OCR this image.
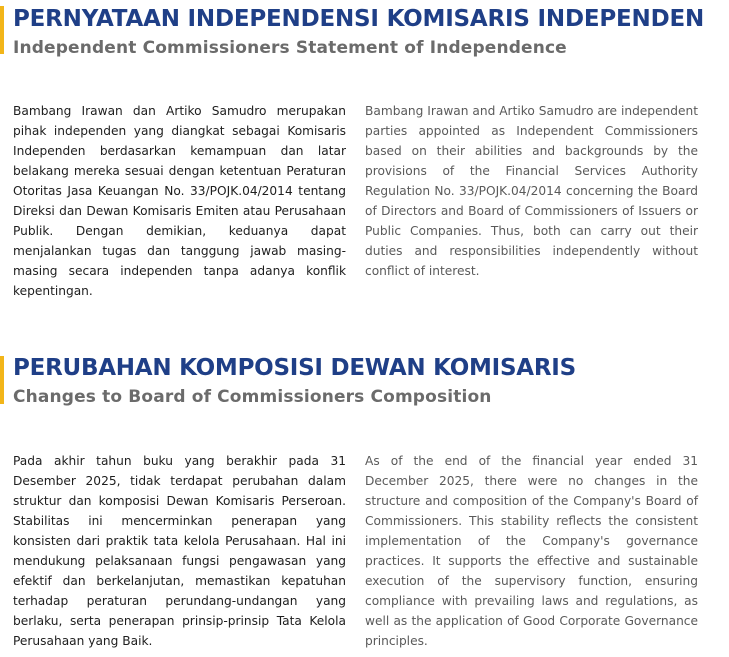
PERNYATAAN INDEPENDENSI KOMISARIS INDEPENDEN
Independent Commissioners Statement of Independence

Bambang Irawan dan Artiko Samudro merupakan pihak independen yang diangkat sebagai Komisaris Independen berdasarkan kemampuan dan latar belakang mereka sesuai dengan ketentuan Peraturan Otoritas Jasa Keuangan No. 33/POJK.04/2014 tentang Direksi dan Dewan Komisaris Emiten atau Perusahaan Publik. Dengan demikian, keduanya dapat menjalankan tugas dan tanggung jawab masing-masing secara independen tanpa adanya konflik kepentingan.

Bambang Irawan and Artiko Samudro are independent parties appointed as Independent Commissioners based on their abilities and backgrounds by the provisions of the Financial Services Authority Regulation No. 33/POJK.04/2014 concerning the Board of Directors and Board of Commissioners of Issuers or Public Companies. Thus, both can carry out their duties and responsibilities independently without conflict of interest.

PERUBAHAN KOMPOSISI DEWAN KOMISARIS
Changes to Board of Commissioners Composition

Pada akhir tahun buku yang berakhir pada 31 Desember 2025, tidak terdapat perubahan dalam struktur dan komposisi Dewan Komisaris Perseroan. Stabilitas ini mencerminkan penerapan yang konsisten dari praktik tata kelola Perusahaan. Hal ini mendukung pelaksanaan fungsi pengawasan yang efektif dan berkelanjutan, memastikan kepatuhan terhadap peraturan perundang-undangan yang berlaku, serta penerapan prinsip-prinsip Tata Kelola Perusahaan yang Baik.

As of the end of the financial year ended 31 December 2025, there were no changes in the structure and composition of the Company's Board of Commissioners. This stability reflects the consistent implementation of the Company's governance practices. It supports the effective and sustainable execution of the supervisory function, ensuring compliance with prevailing laws and regulations, as well as the application of Good Corporate Governance principles.
